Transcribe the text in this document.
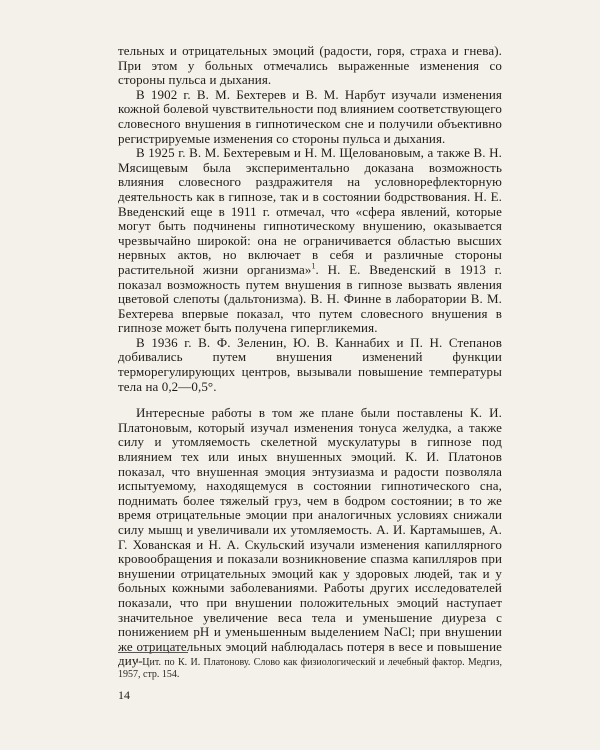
тельных и отрицательных эмоций (радости, горя, страха и гнева). При этом у больных отмечались выраженные изменения со стороны пульса и дыхания.

В 1902 г. В. М. Бехтерев и В. М. Нарбут изучали изменения кожной болевой чувствительности под влиянием соответствующего словесного внушения в гипнотическом сне и получили объективно регистрируемые изменения со стороны пульса и дыхания.

В 1925 г. В. М. Бехтеревым и Н. М. Щеловановым, а также В. Н. Мясищевым была экспериментально доказана возможность влияния словесного раздражителя на условнорефлекторную деятельность как в гипнозе, так и в состоянии бодрствования. Н. Е. Введенский еще в 1911 г. отмечал, что «сфера явлений, которые могут быть подчинены гипнотическому внушению, оказывается чрезвычайно широкой: она не ограничивается областью высших нервных актов, но включает в себя и различные стороны растительной жизни организма»$^1$. Н. Е. Введенский в 1913 г. показал возможность путем внушения в гипнозе вызвать явления цветовой слепоты (дальтонизма). В. Н. Финне в лаборатории В. М. Бехтерева впервые показал, что путем словесного внушения в гипнозе может быть получена гипергликемия.

В 1936 г. В. Ф. Зеленин, Ю. В. Каннабих и П. Н. Степанов добивались путем внушения изменений функции терморегулирующих центров, вызывали повышение температуры тела на 0,2—0,5°.

Интересные работы в том же плане были поставлены К. И. Платоновым, который изучал изменения тонуса желудка, а также силу и утомляемость скелетной мускулатуры в гипнозе под влиянием тех или иных внушенных эмоций. К. И. Платонов показал, что внушенная эмоция энтузиазма и радости позволяла испытуемому, находящемуся в состоянии гипнотического сна, поднимать более тяжелый груз, чем в бодром состоянии; в то же время отрицательные эмоции при аналогичных условиях снижали силу мышц и увеличивали их утомляемость. А. И. Картамышев, А. Г. Хованская и Н. А. Скульский изучали изменения капиллярного кровообращения и показали возникновение спазма капилляров при внушении отрицательных эмоций как у здоровых людей, так и у больных кожными заболеваниями. Работы других исследователей показали, что при внушении положительных эмоций наступает значительное увеличение веса тела и уменьшение диуреза с понижением pH и уменьшенным выделением NaCl; при внушении же отрицательных эмоций наблюдалась потеря в весе и повышение диу-

¹ Цит. по К. И. Платонову. Слово как физиологический и лечебный фактор. Медгиз, 1957, стр. 154.
14
